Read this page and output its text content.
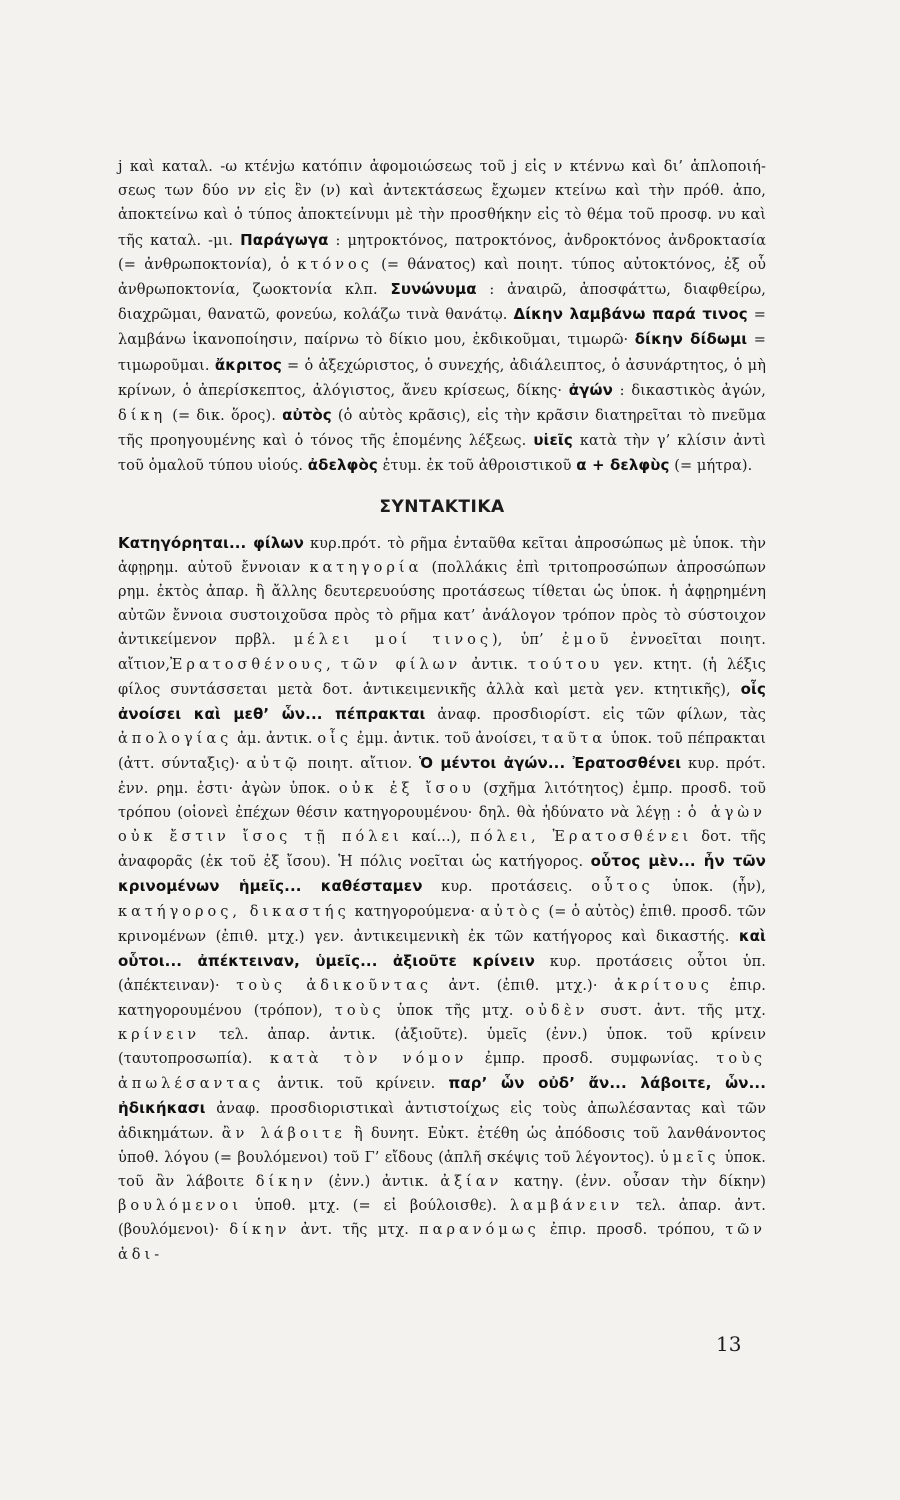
j καὶ καταλ. -ω κτένjω κατόπιν ἀφομοιώσεως τοῦ j εἰς ν κτέννω καὶ δι’ ἁπλοποιή- σεως των δύο νν εἰς ἓν (ν) καὶ ἀντεκτάσεως ἔχωμεν κτείνω καὶ τὴν πρόθ. ἀπο, ἀποκτείνω καὶ ὁ τύπος ἀποκτείνυμι μὲ τὴν προσθήκην εἰς τὸ θέμα τοῦ προσφ. νυ καὶ τῆς καταλ. -μι. Παράγωγα : μητροκτόνος, πατροκτόνος, ἀνδροκτόνος ἀνδροκτασία (= ἀνθρωποκτονία), ὁ κτόνος (= θάνατος) καὶ ποιητ. τύπος αὐτοκτόνος, ἐξ οὗ ἀνθρωποκτονία, ζωοκτονία κλπ. Συνώνυμα : ἀναιρῶ, ἀποσφάττω, διαφθείρω, διαχρῶμαι, θανατῶ, φονεύω, κολάζω τινὰ θανάτῳ. Δίκην λαμβάνω παρά τινος = λαμβάνω ἱκανοποίησιν, παίρνω τὸ δίκιο μου, ἐκδικοῦμαι, τιμωρῶ· δίκην δίδωμι = τιμωροῦμαι. ἄκριτος = ὁ ἀξεχώριστος, ὁ συνεχής, ἀδιάλειπτος, ὁ ἀσυνάρτητος, ὁ μὴ κρίνων, ὁ ἀπερίσκεπτος, ἀλόγιστος, ἄνευ κρίσεως, δίκης· ἀγών : δικαστικὸς ἀγών, δίκη (= δικ. ὅρος). αὐτὸς (ὁ αὐτὸς κρᾶσις), εἰς τὴν κρᾶσιν διατηρεῖται τὸ πνεῦμα τῆς προηγουμένης καὶ ὁ τόνος τῆς ἑπομένης λέξεως. υἱεῖς κατὰ τὴν γ’ κλίσιν ἀντὶ τοῦ ὁμαλοῦ τύπου υἱούς. ἀδελφὸς ἐτυμ. ἐκ τοῦ ἀθροιστικοῦ α + δελφὺς (= μήτρα).

ΣΥΝΤΑΚΤΙΚΑ

Κατηγόρηται... φίλων κυρ.πρότ. τὸ ρῆμα ἐνταῦθα κεῖται ἀπροσώπως μὲ ὑποκ. τὴν ἀφῃρημ. αὐτοῦ ἔννοιαν κατηγορία (πολλάκις ἐπὶ τριτοπροσώπων ἀπροσώπων ρημ. ἐκτὸς ἀπαρ. ἢ ἄλλης δευτερευούσης προτάσεως τίθεται ὡς ὑποκ. ἡ ἀφῃρημένη αὐτῶν ἔννοια συστοιχοῦσα πρὸς τὸ ρῆμα κατ’ ἀνάλογον τρόπον πρὸς τὸ σύστοιχον ἀντικείμενον πρβλ. μέλει μοί τινος), ὑπ’ ἐμοῦ ἐννοεῖται ποιητ. αἴτιον,Ἐρατοσθένους, τῶν φίλων ἀντικ. τούτου γεν. κτητ. (ἡ λέξις φίλος συντάσσεται μετὰ δοτ. ἀντικειμενικῆς ἀλλὰ καὶ μετὰ γεν. κτητικῆς), οἷς ἀνοίσει καὶ μεθ’ ὧν... πέπρακται ἀναφ. προσδιορίστ. εἰς τῶν φίλων, τὰς ἀπολογίας ἀμ. ἀντικ. οἷς ἐμμ. ἀντικ. τοῦ ἀνοίσει, ταῦτα ὑποκ. τοῦ πέπρακται (ἀττ. σύνταξις)· αὐτῷ ποιητ. αἴτιον. Ὁ μέντοι ἀγών... Ἐρατοσθένει κυρ. πρότ. ἐνν. ρημ. ἐστι· ἀγὼν ὑποκ. οὐκ ἐξ ἴσου (σχῆμα λιτότητος) ἐμπρ. προσδ. τοῦ τρόπου (οἱονεὶ ἐπέχων θέσιν κατηγορουμένου· δηλ. θὰ ἠδύνατο νὰ λέγῃ : ὁ ἀγὼν οὐκ ἔστιν ἴσος τῇ πόλει καί...), πόλει, Ἐρατοσθένει δοτ. τῆς ἀναφορᾶς (ἐκ τοῦ ἐξ ἴσου). Ἡ πόλις νοεῖται ὡς κατήγορος. οὗτος μὲν... ἦν τῶν κρινομένων ἡμεῖς... καθέσταμεν κυρ. προτάσεις. οὗτος ὑποκ. (ἦν), κατήγορος, δικαστής κατηγορούμενα· αὐτὸς (= ὁ αὐτὸς) ἐπιθ. προσδ. τῶν κρινομένων (ἐπιθ. μτχ.) γεν. ἀντικειμενικὴ ἐκ τῶν κατήγορος καὶ δικαστής. καὶ οὗτοι... ἀπέκτειναν, ὑμεῖς... ἀξιοῦτε κρίνειν κυρ. προτάσεις οὗτοι ὑπ. (ἀπέκτειναν)· τοὺς ἀδικοῦντας ἀντ. (ἐπιθ. μτχ.)· ἀκρίτους ἐπιρ. κατηγορουμένου (τρόπον), τοὺς ὑποκ τῆς μτχ. οὐδὲν συστ. ἀντ. τῆς μτχ. κρίνειν τελ. ἀπαρ. ἀντικ. (ἀξιοῦτε). ὑμεῖς (ἐνν.) ὑποκ. τοῦ κρίνειν (ταυτοπροσωπία). κατὰ τὸν νόμον ἐμπρ. προσδ. συμφωνίας. τοὺς ἀπωλέσαντας ἀντικ. τοῦ κρίνειν. παρ’ ὧν οὐδ’ ἄν... λάβοιτε, ὧν... ἠδικήκασι ἀναφ. προσδιοριστικαὶ ἀντιστοίχως εἰς τοὺς ἀπωλέσαντας καὶ τῶν ἀδικημάτων. ἂν λάβοιτε ἢ δυνητ. Εὐκτ. ἐτέθη ὡς ἀπόδοσις τοῦ λανθάνοντος ὑποθ. λόγου (= βουλόμενοι) τοῦ Γ’ εἴδους (ἁπλῆ σκέψις τοῦ λέγοντος). ὑμεῖς ὑποκ. τοῦ ἂν λάβοιτε δίκην (ἐνν.) ἀντικ. ἀξίαν κατηγ. (ἐνν. οὖσαν τὴν δίκην) βουλόμενοι ὑποθ. μτχ. (= εἰ βούλοισθε). λαμβάνειν τελ. ἀπαρ. ἀντ. (βουλόμενοι)· δίκην ἀντ. τῆς μτχ. παρανόμως ἐπιρ. προσδ. τρόπου, τῶν ἀδι-

13
